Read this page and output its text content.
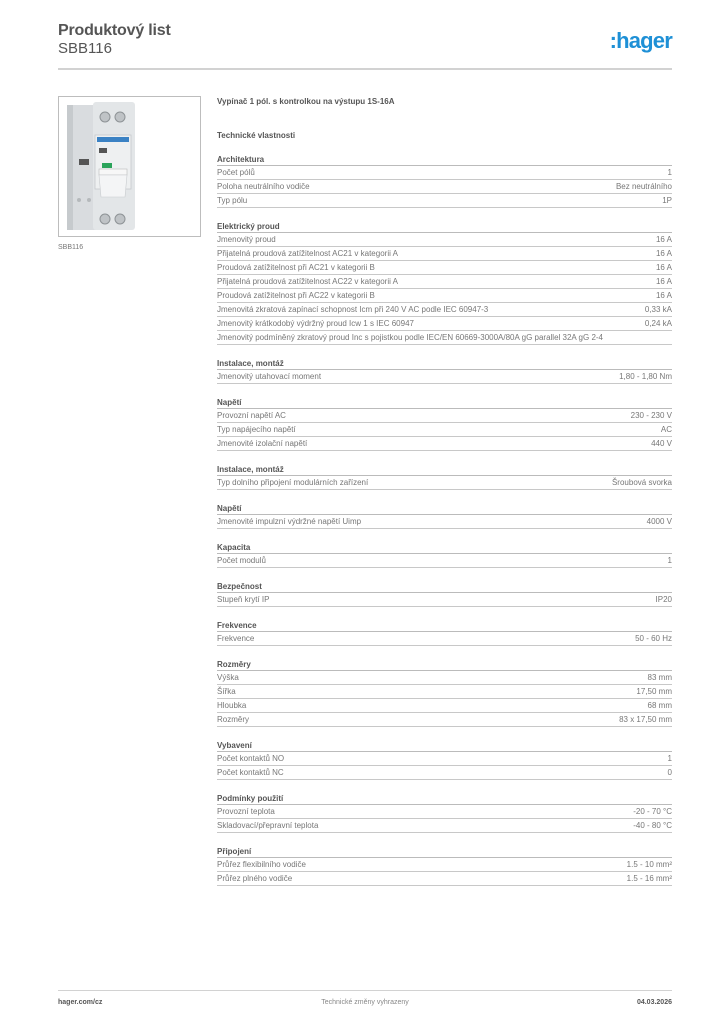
Produktový list
SBB116	:hager
SBB116
Vypínač 1 pól. s kontrolkou na výstupu 1S-16A
Technické vlastnosti
Architektura
Počet pólů	1
Poloha neutrálního vodiče	Bez neutrálního
Typ pólu	1P
Elektrický proud
Jmenovitý proud	16 A
Přijatelná proudová zatížitelnost AC21 v kategorii A	16 A
Proudová zatížitelnost při AC21 v kategorii B	16 A
Přijatelná proudová zatížitelnost AC22 v kategorii A	16 A
Proudová zatížitelnost při AC22 v kategorii B	16 A
Jmenovitá zkratová zapínací schopnost Icm při 240 V AC podle IEC 60947-3	0,33 kA
Jmenovitý krátkodobý výdržný proud Icw 1 s IEC 60947	0,24 kA
Jmenovitý podmíněný zkratový proud Inc s pojistkou podle IEC/EN 60669-3000A/80A gG parallel 32A gG 2-4
Instalace, montáž
Jmenovitý utahovací moment	1,80 - 1,80 Nm
Napětí
Provozní napětí AC	230 - 230 V
Typ napájecího napětí	AC
Jmenovité izolační napětí	440 V
Instalace, montáž
Typ dolního připojení modulárních zařízení	Šroubová svorka
Napětí
Jmenovité impulzní výdržné napětí Uimp	4000 V
Kapacita
Počet modulů	1
Bezpečnost
Stupeň krytí IP	IP20
Frekvence
Frekvence	50 - 60 Hz
Rozměry
Výška	83 mm
Šířka	17,50 mm
Hloubka	68 mm
Rozměry	83 x 17,50 mm
Vybavení
Počet kontaktů NO	1
Počet kontaktů NC	0
Podmínky použití
Provozní teplota	-20 - 70 °C
Skladovací/přepravní teplota	-40 - 80 °C
Připojení
Průřez flexibilního vodiče	1.5 - 10 mm²
Průřez plného vodiče	1.5 - 16 mm²
hager.com/cz	Technické změny vyhrazeny	04.03.2026
